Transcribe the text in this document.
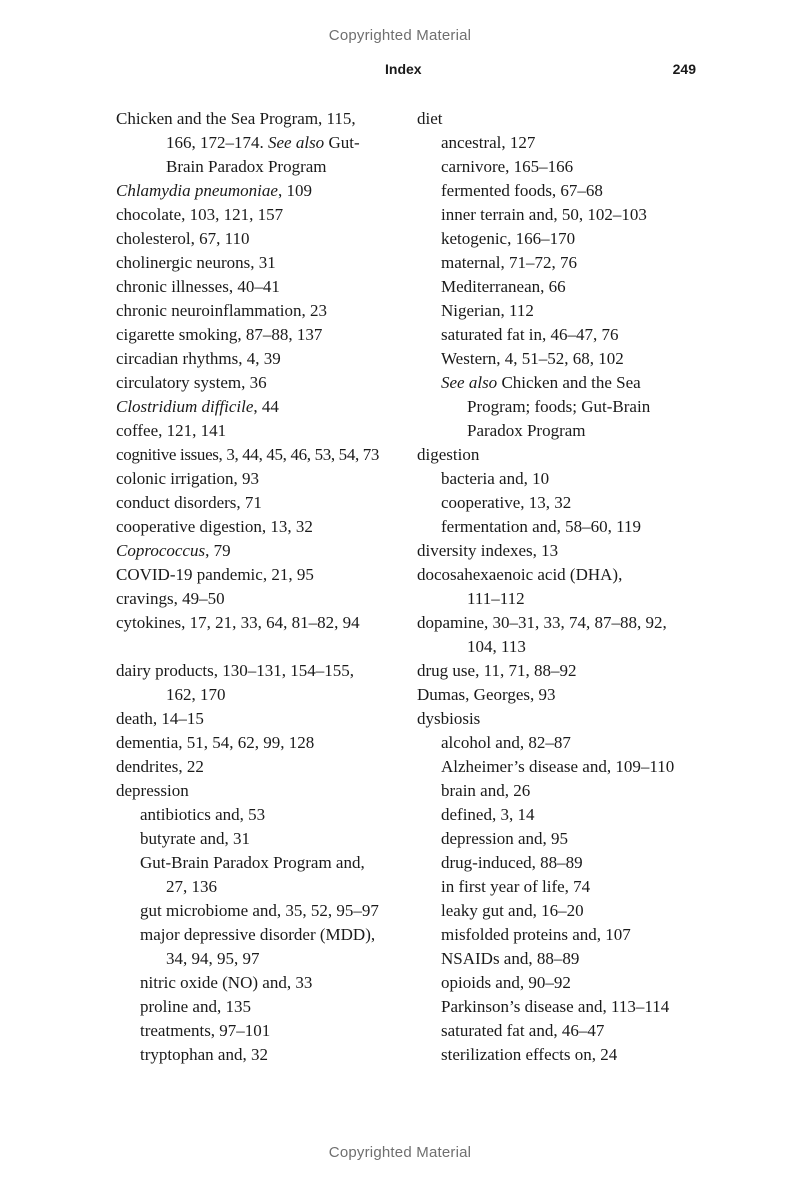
Copyrighted Material
Index	249
Chicken and the Sea Program, 115,
166, 172–174. See also Gut-
Brain Paradox Program
Chlamydia pneumoniae, 109
chocolate, 103, 121, 157
cholesterol, 67, 110
cholinergic neurons, 31
chronic illnesses, 40–41
chronic neuroinflammation, 23
cigarette smoking, 87–88, 137
circadian rhythms, 4, 39
circulatory system, 36
Clostridium difficile, 44
coffee, 121, 141
cognitive issues, 3, 44, 45, 46, 53, 54, 73
colonic irrigation, 93
conduct disorders, 71
cooperative digestion, 13, 32
Coprococcus, 79
COVID-19 pandemic, 21, 95
cravings, 49–50
cytokines, 17, 21, 33, 64, 81–82, 94
dairy products, 130–131, 154–155,
162, 170
death, 14–15
dementia, 51, 54, 62, 99, 128
dendrites, 22
depression
antibiotics and, 53
butyrate and, 31
Gut-Brain Paradox Program and,
27, 136
gut microbiome and, 35, 52, 95–97
major depressive disorder (MDD),
34, 94, 95, 97
nitric oxide (NO) and, 33
proline and, 135
treatments, 97–101
tryptophan and, 32
diet
ancestral, 127
carnivore, 165–166
fermented foods, 67–68
inner terrain and, 50, 102–103
ketogenic, 166–170
maternal, 71–72, 76
Mediterranean, 66
Nigerian, 112
saturated fat in, 46–47, 76
Western, 4, 51–52, 68, 102
See also Chicken and the Sea
Program; foods; Gut-Brain
Paradox Program
digestion
bacteria and, 10
cooperative, 13, 32
fermentation and, 58–60, 119
diversity indexes, 13
docosahexaenoic acid (DHA),
111–112
dopamine, 30–31, 33, 74, 87–88, 92,
104, 113
drug use, 11, 71, 88–92
Dumas, Georges, 93
dysbiosis
alcohol and, 82–87
Alzheimer’s disease and, 109–110
brain and, 26
defined, 3, 14
depression and, 95
drug-induced, 88–89
in first year of life, 74
leaky gut and, 16–20
misfolded proteins and, 107
NSAIDs and, 88–89
opioids and, 90–92
Parkinson’s disease and, 113–114
saturated fat and, 46–47
sterilization effects on, 24
Copyrighted Material
